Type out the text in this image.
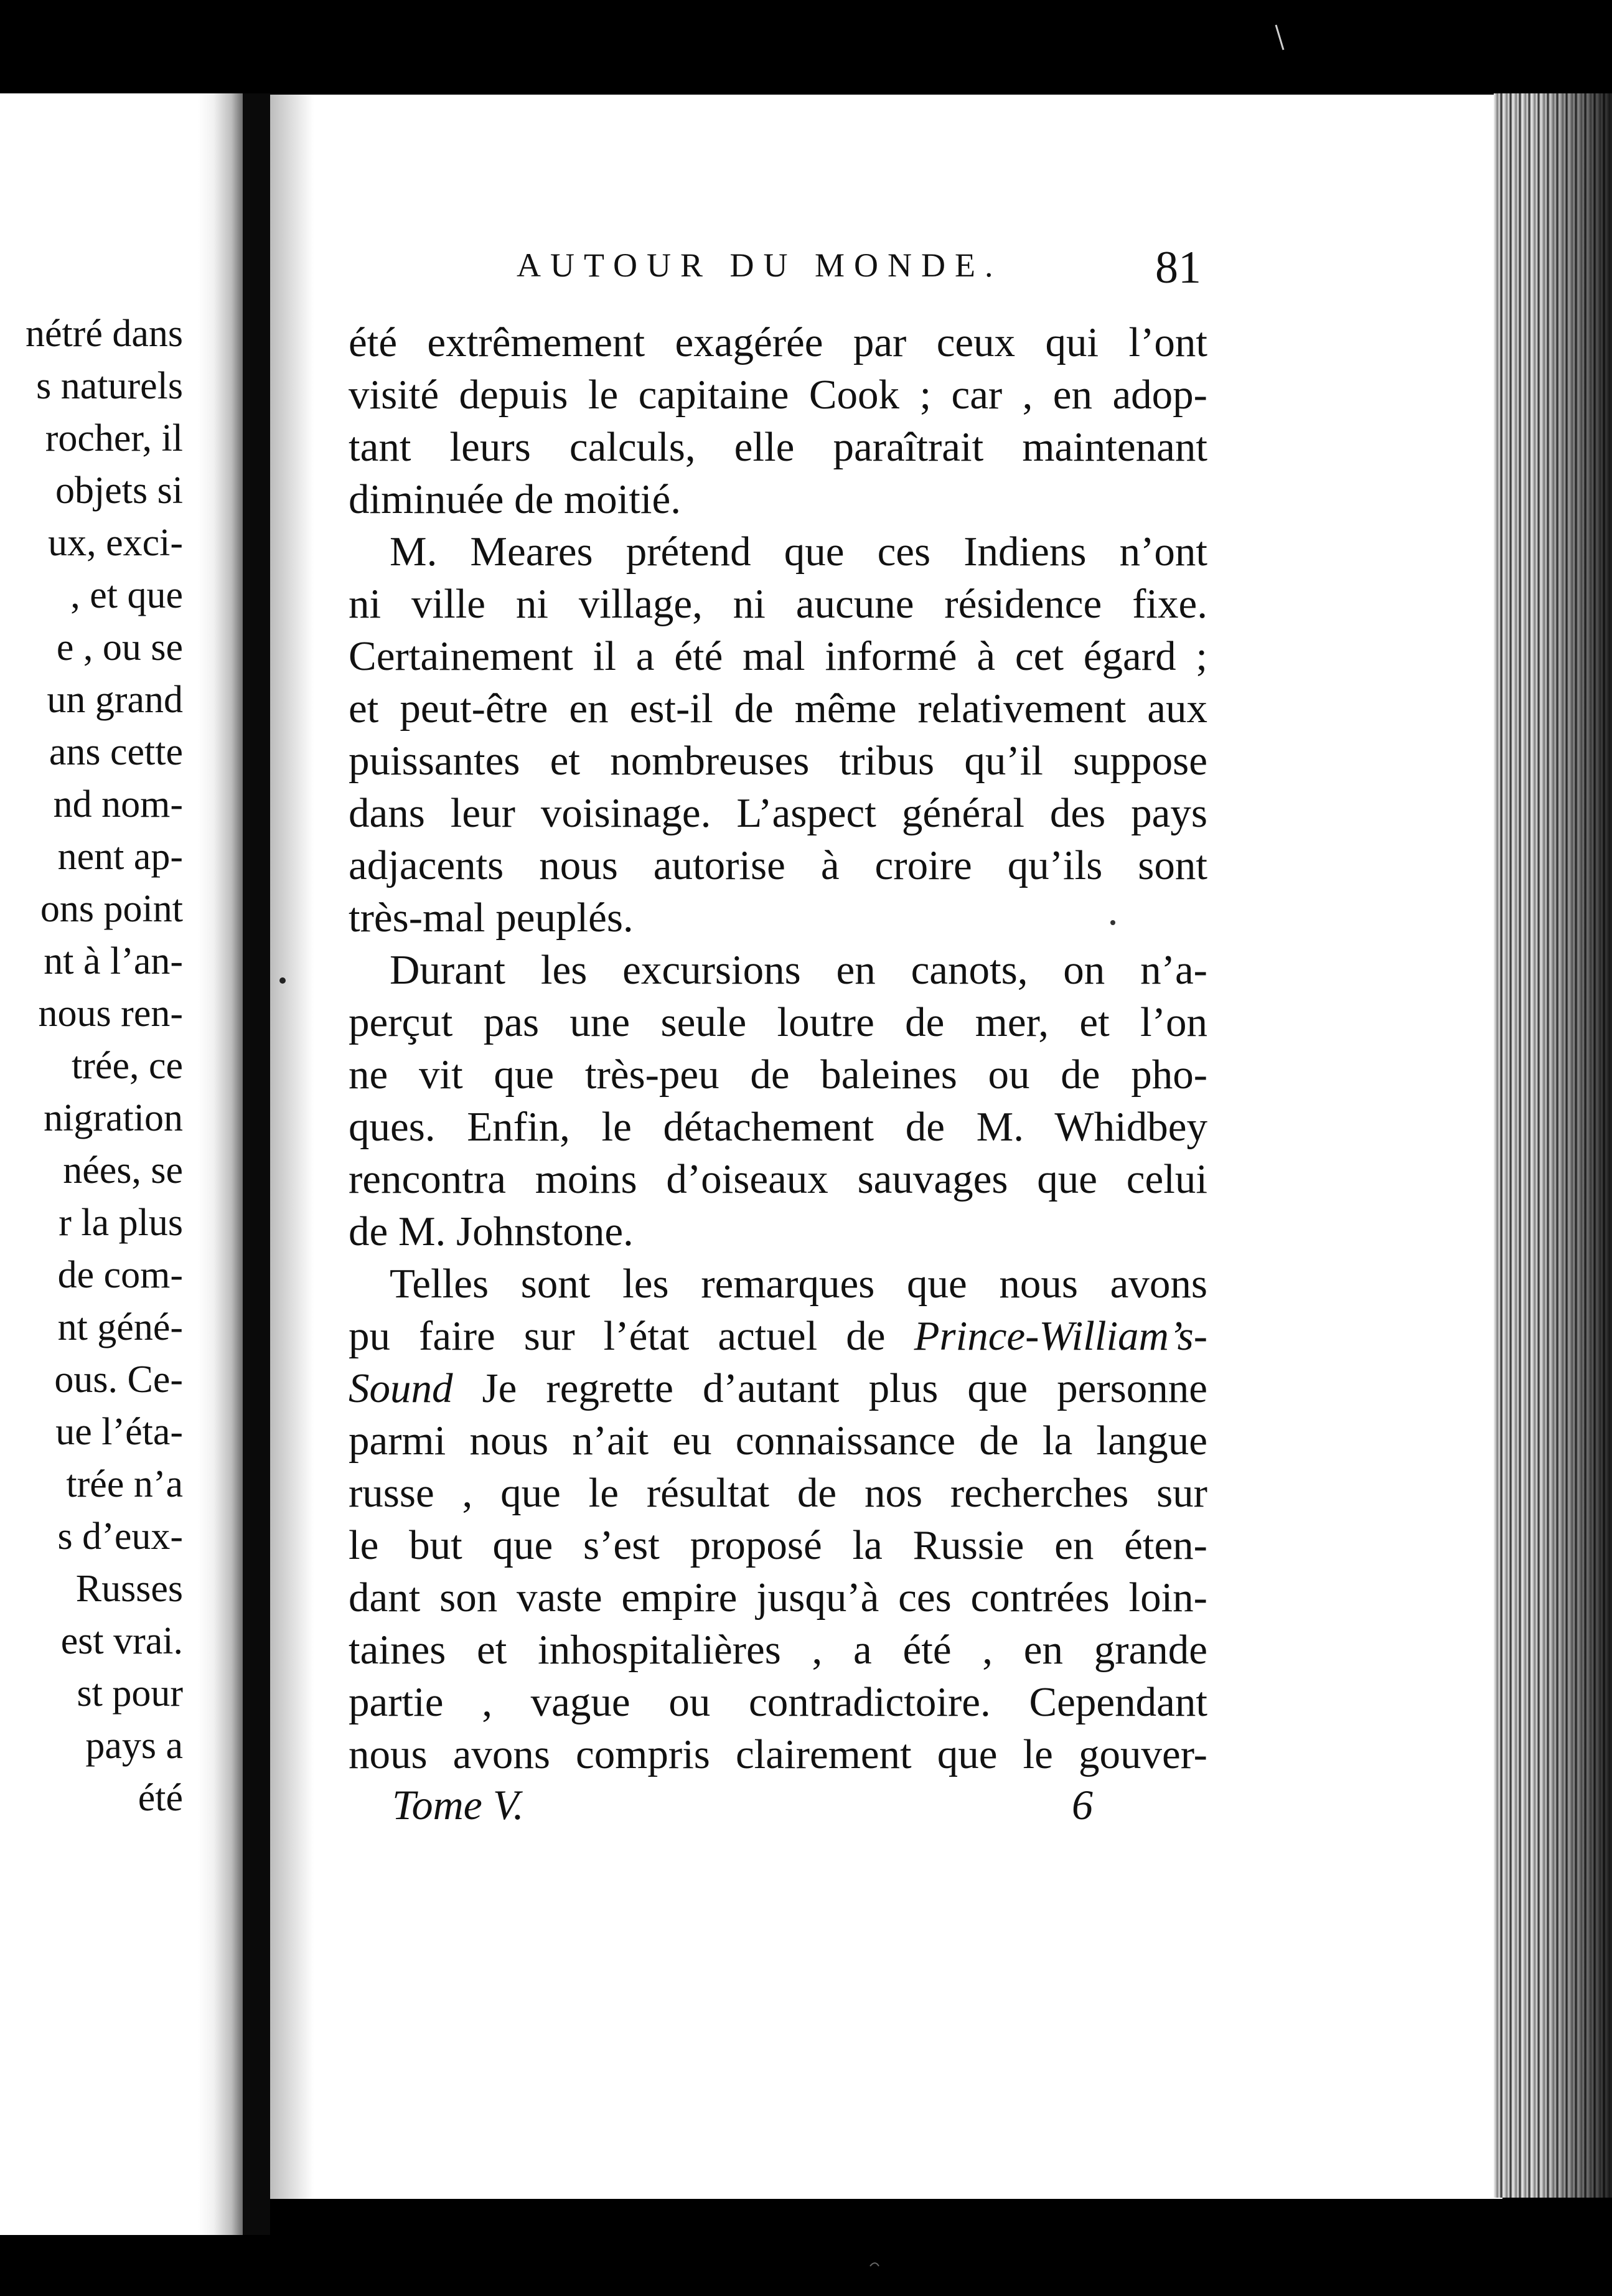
nétré dans
s naturels
rocher, il
objets si
ux, exci-
, et que
e , ou se
un grand
ans cette
nd nom-
nent ap-
ons point
nt à l’an-
nous ren-
trée, ce
nigration
nées, se
r la plus
de com-
nt géné-
ous. Ce-
ue l’éta-
trée n’a
s d’eux-
Russes
est vrai.
st pour
pays a
été
AUTOUR DU MONDE.	81
été extrêmement exagérée par ceux qui l’ont
visité depuis le capitaine Cook ; car , en adop-
tant leurs calculs, elle paraîtrait maintenant
diminuée de moitié.
M. Meares prétend que ces Indiens n’ont
ni ville ni village, ni aucune résidence fixe.
Certainement il a été mal informé à cet égard ;
et peut-être en est-il de même relativement aux
puissantes et nombreuses tribus qu’il suppose
dans leur voisinage. L’aspect général des pays
adjacents nous autorise à croire qu’ils sont
très-mal peuplés.
Durant les excursions en canots, on n’a-
perçut pas une seule loutre de mer, et l’on
ne vit que très-peu de baleines ou de pho-
ques. Enfin, le détachement de M. Whidbey
rencontra moins d’oiseaux sauvages que celui
de M. Johnstone.
Telles sont les remarques que nous avons
pu faire sur l’état actuel de Prince-William’s-
Sound Je regrette d’autant plus que personne
parmi nous n’ait eu connaissance de la langue
russe , que le résultat de nos recherches sur
le but que s’est proposé la Russie en éten-
dant son vaste empire jusqu’à ces contrées loin-
taines et inhospitalières , a été , en grande
partie , vague ou contradictoire. Cependant
nous avons compris clairement que le gouver-
Tome V.	6
